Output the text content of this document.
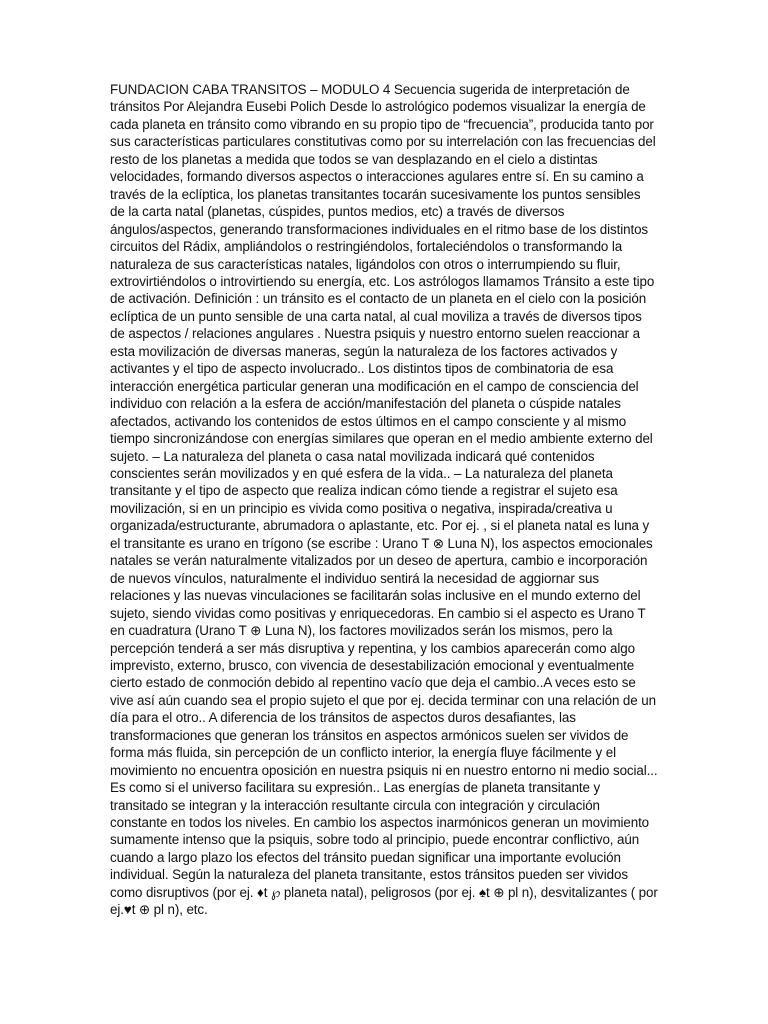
FUNDACION CABA TRANSITOS – MODULO 4 Secuencia sugerida de interpretación de tránsitos Por Alejandra Eusebi Polich Desde lo astrológico podemos visualizar la energía de cada planeta en tránsito como vibrando en su propio tipo de “frecuencia”, producida tanto por sus características particulares constitutivas como por su interrelación con las frecuencias del resto de los planetas a medida que todos se van desplazando en el cielo a distintas velocidades, formando diversos aspectos o interacciones agulares entre sí. En su camino a través de la eclíptica, los planetas transitantes tocarán sucesivamente los puntos sensibles de la carta natal (planetas, cúspides, puntos medios, etc) a través de diversos ángulos/aspectos, generando transformaciones individuales en el ritmo base de los distintos circuitos del Rádix, ampliándolos o restringiéndolos, fortaleciéndolos o transformando la naturaleza de sus características natales, ligándolos con otros o interrumpiendo su fluir, extrovirtiéndolos o introvirtiendo su energía, etc. Los astrólogos llamamos Tránsito a este tipo de activación. Definición : un tránsito es el contacto de un planeta en el cielo con la posición eclíptica de un punto sensible de una carta natal, al cual moviliza a través de diversos tipos de aspectos / relaciones angulares . Nuestra psiquis y nuestro entorno suelen reaccionar a esta movilización de diversas maneras, según la naturaleza de los factores activados y activantes y el tipo de aspecto involucrado.. Los distintos tipos de combinatoria de esa interacción energética particular generan una modificación en el campo de consciencia del individuo con relación a la esfera de acción/manifestación del planeta o cúspide natales afectados, activando los contenidos de estos últimos en el campo consciente y al mismo tiempo sincronizándose con energías similares que operan en el medio ambiente externo del sujeto. – La naturaleza del planeta o casa natal movilizada indicará qué contenidos conscientes serán movilizados y en qué esfera de la vida.. – La naturaleza del planeta transitante y el tipo de aspecto que realiza indican cómo tiende a registrar el sujeto esa movilización, si en un principio es vivida como positiva o negativa, inspirada/creativa u organizada/estructurante, abrumadora o aplastante, etc. Por ej. , si el planeta natal es luna y el transitante es urano en trígono (se escribe : Urano T ⊗ Luna N), los aspectos emocionales natales se verán naturalmente vitalizados por un deseo de apertura, cambio e incorporación de nuevos vínculos, naturalmente el individuo sentirá la necesidad de aggiornar sus relaciones y las nuevas vinculaciones se facilitarán solas inclusive en el mundo externo del sujeto, siendo vividas como positivas y enriquecedoras. En cambio si el aspecto es Urano T en cuadratura (Urano T ⊕ Luna N), los factores movilizados serán los mismos, pero la percepción tenderá a ser más disruptiva y repentina, y los cambios aparecerán como algo imprevisto, externo, brusco, con vivencia de desestabilización emocional y eventualmente cierto estado de conmoción debido al repentino vacío que deja el cambio..A veces esto se vive así aún cuando sea el propio sujeto el que por ej. decida terminar con una relación de un día para el otro.. A diferencia de los tránsitos de aspectos duros desafiantes, las transformaciones que generan los tránsitos en aspectos armónicos suelen ser vividos de forma más fluida, sin percepción de un conflicto interior, la energía fluye fácilmente y el movimiento no encuentra oposición en nuestra psiquis ni en nuestro entorno ni medio social... Es como si el universo facilitara su expresión.. Las energías de planeta transitante y transitado se integran y la interacción resultante circula con integración y circulación constante en todos los niveles. En cambio los aspectos inarmónicos generan un movimiento sumamente intenso que la psiquis, sobre todo al principio, puede encontrar conflictivo, aún cuando a largo plazo los efectos del tránsito puedan significar una importante evolución individual. Según la naturaleza del planeta transitante, estos tránsitos pueden ser vividos como disruptivos (por ej. ♦t ℘ planeta natal), peligrosos (por ej. ♠t ⊕ pl n), desvitalizantes ( por ej.♥t ⊕ pl n), etc.
